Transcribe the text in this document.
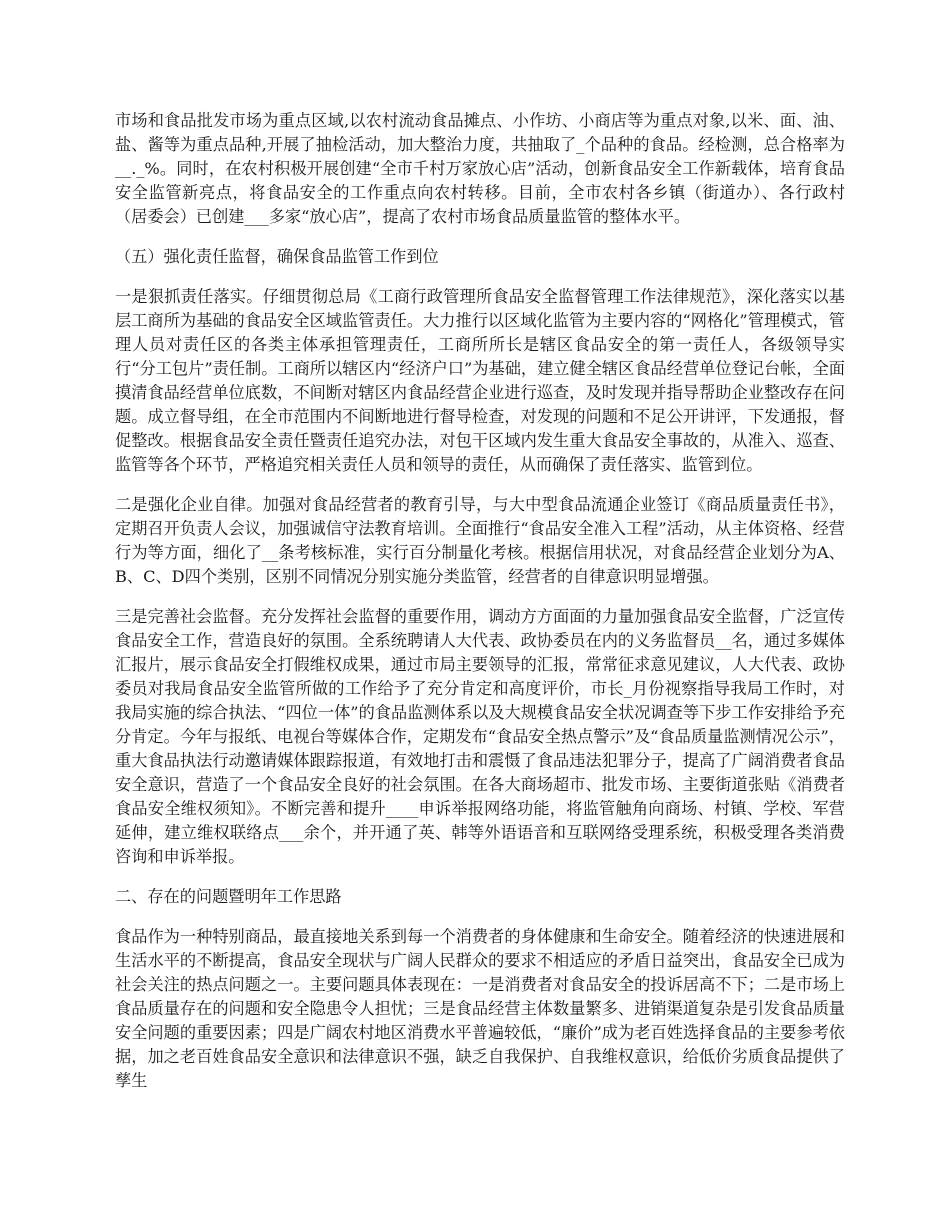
市场和食品批发市场为重点区域,以农村流动食品摊点、小作坊、小商店等为重点对象,以米、面、油、盐、酱等为重点品种,开展了抽检活动，加大整治力度，共抽取了_个品种的食品。经检测，总合格率为__._%。同时，在农村积极开展创建“全市千村万家放心店”活动，创新食品安全工作新载体，培育食品安全监管新亮点，将食品安全的工作重点向农村转移。目前，全市农村各乡镇（街道办）、各行政村（居委会）已创建___多家“放心店”，提高了农村市场食品质量监管的整体水平。

（五）强化责任监督，确保食品监管工作到位

一是狠抓责任落实。仔细贯彻总局《工商行政管理所食品安全监督管理工作法律规范》，深化落实以基层工商所为基础的食品安全区域监管责任。大力推行以区域化监管为主要内容的“网格化”管理模式，管理人员对责任区的各类主体承担管理责任，工商所所长是辖区食品安全的第一责任人，各级领导实行“分工包片”责任制。工商所以辖区内“经济户口”为基础，建立健全辖区食品经营单位登记台帐，全面摸清食品经营单位底数，不间断对辖区内食品经营企业进行巡查，及时发现并指导帮助企业整改存在问题。成立督导组，在全市范围内不间断地进行督导检查，对发现的问题和不足公开讲评，下发通报，督促整改。根据食品安全责任暨责任追究办法，对包干区域内发生重大食品安全事故的，从准入、巡查、监管等各个环节，严格追究相关责任人员和领导的责任，从而确保了责任落实、监管到位。

二是强化企业自律。加强对食品经营者的教育引导，与大中型食品流通企业签订《商品质量责任书》，定期召开负责人会议，加强诚信守法教育培训。全面推行“食品安全准入工程”活动，从主体资格、经营行为等方面，细化了__条考核标准，实行百分制量化考核。根据信用状况，对食品经营企业划分为A、B、C、D四个类别，区别不同情况分别实施分类监管，经营者的自律意识明显增强。

三是完善社会监督。充分发挥社会监督的重要作用，调动方方面面的力量加强食品安全监督，广泛宣传食品安全工作，营造良好的氛围。全系统聘请人大代表、政协委员在内的义务监督员__名，通过多媒体汇报片，展示食品安全打假维权成果，通过市局主要领导的汇报，常常征求意见建议，人大代表、政协委员对我局食品安全监管所做的工作给予了充分肯定和高度评价，市长_月份视察指导我局工作时，对我局实施的综合执法、“四位一体”的食品监测体系以及大规模食品安全状况调查等下步工作安排给予充分肯定。今年与报纸、电视台等媒体合作，定期发布“食品安全热点警示”及“食品质量监测情况公示”，重大食品执法行动邀请媒体跟踪报道，有效地打击和震慑了食品违法犯罪分子，提高了广阔消费者食品安全意识，营造了一个食品安全良好的社会氛围。在各大商场超市、批发市场、主要街道张贴《消费者食品安全维权须知》。不断完善和提升____申诉举报网络功能，将监管触角向商场、村镇、学校、军营延伸，建立维权联络点___余个，并开通了英、韩等外语语音和互联网络受理系统，积极受理各类消费咨询和申诉举报。

二、存在的问题暨明年工作思路

食品作为一种特别商品，最直接地关系到每一个消费者的身体健康和生命安全。随着经济的快速进展和生活水平的不断提高，食品安全现状与广阔人民群众的要求不相适应的矛盾日益突出，食品安全已成为社会关注的热点问题之一。主要问题具体表现在：一是消费者对食品安全的投诉居高不下；二是市场上食品质量存在的问题和安全隐患令人担忧；三是食品经营主体数量繁多、进销渠道复杂是引发食品质量安全问题的重要因素；四是广阔农村地区消费水平普遍较低，“廉价”成为老百姓选择食品的主要参考依据，加之老百姓食品安全意识和法律意识不强，缺乏自我保护、自我维权意识，给低价劣质食品提供了孳生
